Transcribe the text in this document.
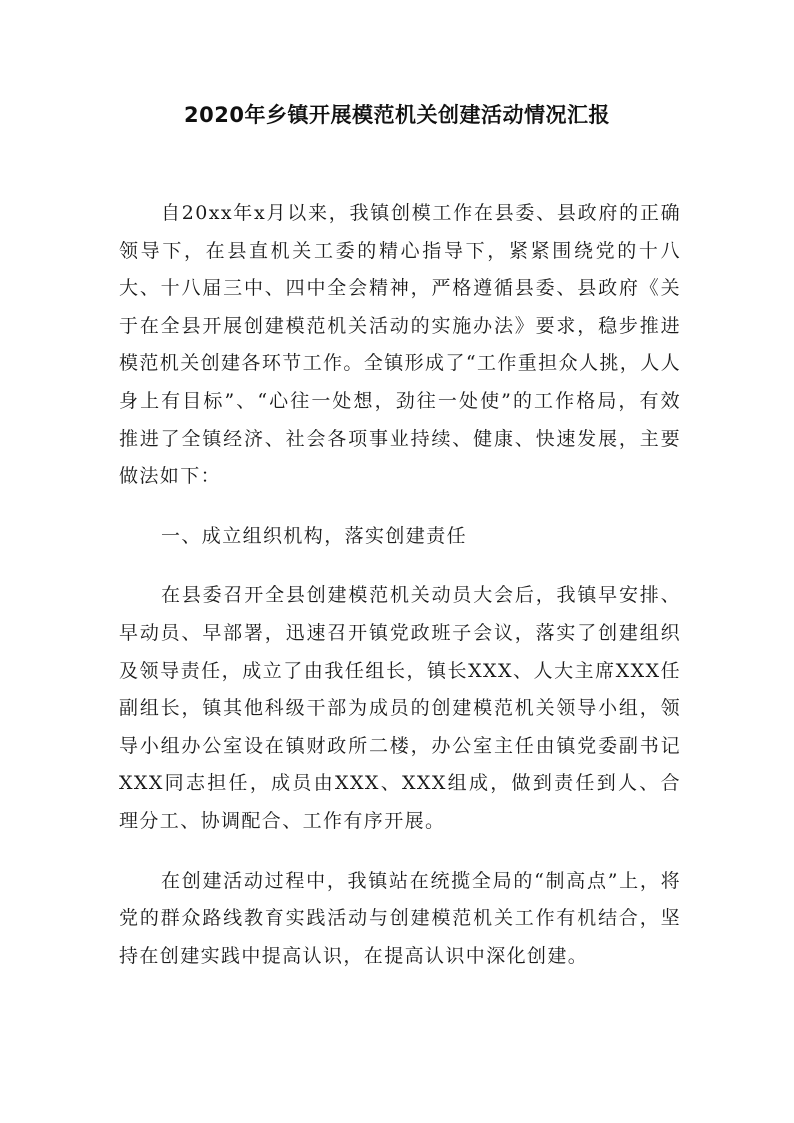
2020年乡镇开展模范机关创建活动情况汇报

自20xx年x月以来，我镇创模工作在县委、县政府的正确领导下，在县直机关工委的精心指导下，紧紧围绕党的十八大、十八届三中、四中全会精神，严格遵循县委、县政府《关于在全县开展创建模范机关活动的实施办法》要求，稳步推进模范机关创建各环节工作。全镇形成了“工作重担众人挑，人人身上有目标”、“心往一处想，劲往一处使”的工作格局，有效推进了全镇经济、社会各项事业持续、健康、快速发展，主要做法如下：

一、成立组织机构，落实创建责任

在县委召开全县创建模范机关动员大会后，我镇早安排、早动员、早部署，迅速召开镇党政班子会议，落实了创建组织及领导责任，成立了由我任组长，镇长XXX、人大主席XXX任副组长，镇其他科级干部为成员的创建模范机关领导小组，领导小组办公室设在镇财政所二楼，办公室主任由镇党委副书记XXX同志担任，成员由XXX、XXX组成，做到责任到人、合理分工、协调配合、工作有序开展。

在创建活动过程中，我镇站在统揽全局的“制高点”上，将党的群众路线教育实践活动与创建模范机关工作有机结合，坚持在创建实践中提高认识，在提高认识中深化创建。
